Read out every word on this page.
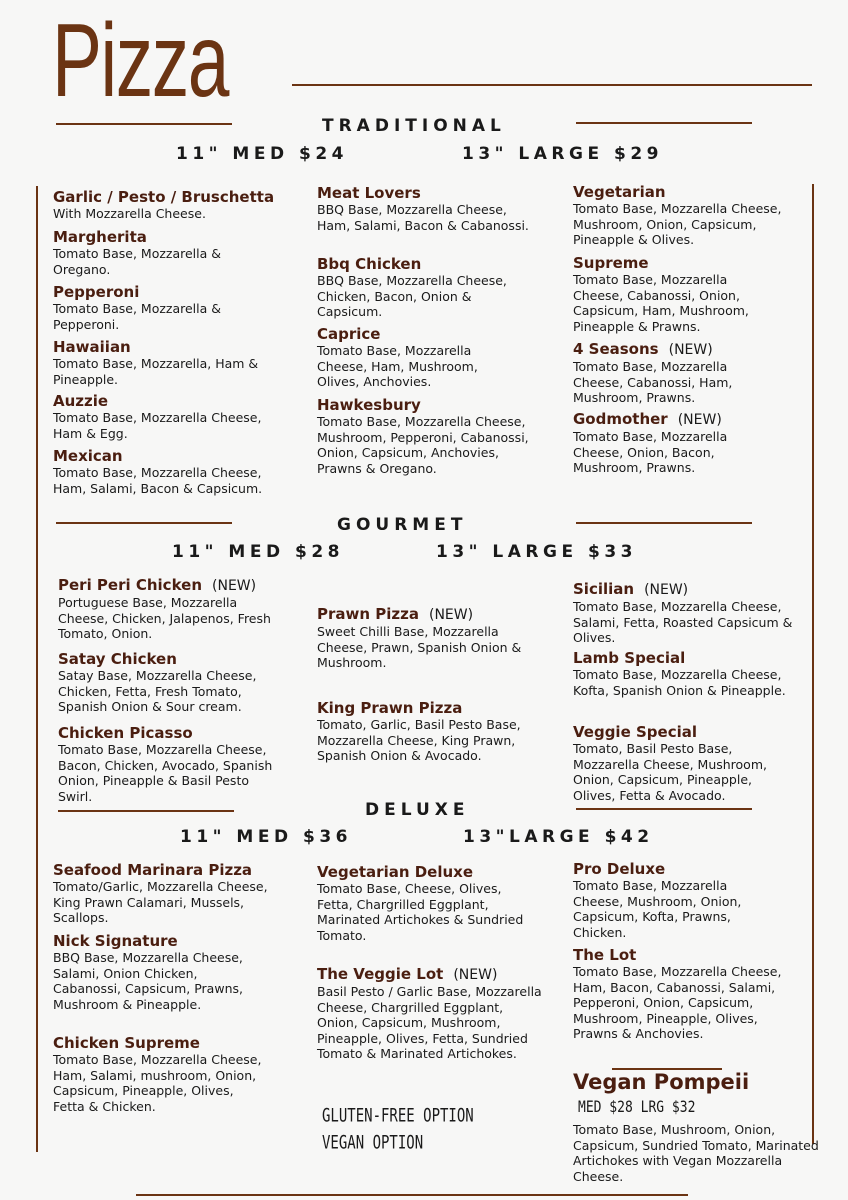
Pizza
TRADITIONAL
11" MED $24	13" LARGE $29
Garlic / Pesto / Bruschetta
With Mozzarella Cheese.
Margherita
Tomato Base, Mozzarella & Oregano.
Pepperoni
Tomato Base, Mozzarella & Pepperoni.
Hawaiian
Tomato Base, Mozzarella, Ham & Pineapple.
Auzzie
Tomato Base, Mozzarella Cheese, Ham & Egg.
Mexican
Tomato Base, Mozzarella Cheese, Ham, Salami, Bacon & Capsicum.
Meat Lovers
BBQ Base, Mozzarella Cheese, Ham, Salami, Bacon & Cabanossi.
Bbq Chicken
BBQ Base, Mozzarella Cheese, Chicken, Bacon, Onion & Capsicum.
Caprice
Tomato Base, Mozzarella Cheese, Ham, Mushroom, Olives, Anchovies.
Hawkesbury
Tomato Base, Mozzarella Cheese, Mushroom, Pepperoni, Cabanossi, Onion, Capsicum, Anchovies, Prawns & Oregano.
Vegetarian
Tomato Base, Mozzarella Cheese, Mushroom, Onion, Capsicum, Pineapple & Olives.
Supreme
Tomato Base, Mozzarella Cheese, Cabanossi, Onion, Capsicum, Ham, Mushroom, Pineapple & Prawns.
4 Seasons (NEW)
Tomato Base, Mozzarella Cheese, Cabanossi, Ham, Mushroom, Prawns.
Godmother (NEW)
Tomato Base, Mozzarella Cheese, Onion, Bacon, Mushroom, Prawns.
GOURMET
11" MED $28	13" LARGE $33
Peri Peri Chicken (NEW)
Portuguese Base, Mozzarella Cheese, Chicken, Jalapenos, Fresh Tomato, Onion.
Satay Chicken
Satay Base, Mozzarella Cheese, Chicken, Fetta, Fresh Tomato, Spanish Onion & Sour cream.
Chicken Picasso
Tomato Base, Mozzarella Cheese, Bacon, Chicken, Avocado, Spanish Onion, Pineapple & Basil Pesto Swirl.
Prawn Pizza (NEW)
Sweet Chilli Base, Mozzarella Cheese, Prawn, Spanish Onion & Mushroom.
King Prawn Pizza
Tomato, Garlic, Basil Pesto Base, Mozzarella Cheese, King Prawn, Spanish Onion & Avocado.
Sicilian (NEW)
Tomato Base, Mozzarella Cheese, Salami, Fetta, Roasted Capsicum & Olives.
Lamb Special
Tomato Base, Mozzarella Cheese, Kofta, Spanish Onion & Pineapple.
Veggie Special
Tomato, Basil Pesto Base, Mozzarella Cheese, Mushroom, Onion, Capsicum, Pineapple, Olives, Fetta & Avocado.
DELUXE
11" MED $36	13"LARGE $42
Seafood Marinara Pizza
Tomato/Garlic, Mozzarella Cheese, King Prawn Calamari, Mussels, Scallops.
Nick Signature
BBQ Base, Mozzarella Cheese, Salami, Onion Chicken, Cabanossi, Capsicum, Prawns, Mushroom & Pineapple.
Chicken Supreme
Tomato Base, Mozzarella Cheese, Ham, Salami, mushroom, Onion, Capsicum, Pineapple, Olives, Fetta & Chicken.
Vegetarian Deluxe
Tomato Base, Cheese, Olives, Fetta, Chargrilled Eggplant, Marinated Artichokes & Sundried Tomato.
The Veggie Lot (NEW)
Basil Pesto / Garlic Base, Mozzarella Cheese, Chargrilled Eggplant, Onion, Capsicum, Mushroom, Pineapple, Olives, Fetta, Sundried Tomato & Marinated Artichokes.
GLUTEN-FREE OPTION
VEGAN OPTION
Pro Deluxe
Tomato Base, Mozzarella Cheese, Mushroom, Onion, Capsicum, Kofta, Prawns, Chicken.
The Lot
Tomato Base, Mozzarella Cheese, Ham, Bacon, Cabanossi, Salami, Pepperoni, Onion, Capsicum, Mushroom, Pineapple, Olives, Prawns & Anchovies.
Vegan Pompeii
MED $28 LRG $32
Tomato Base, Mushroom, Onion, Capsicum, Sundried Tomato, Marinated Artichokes with Vegan Mozzarella Cheese.
